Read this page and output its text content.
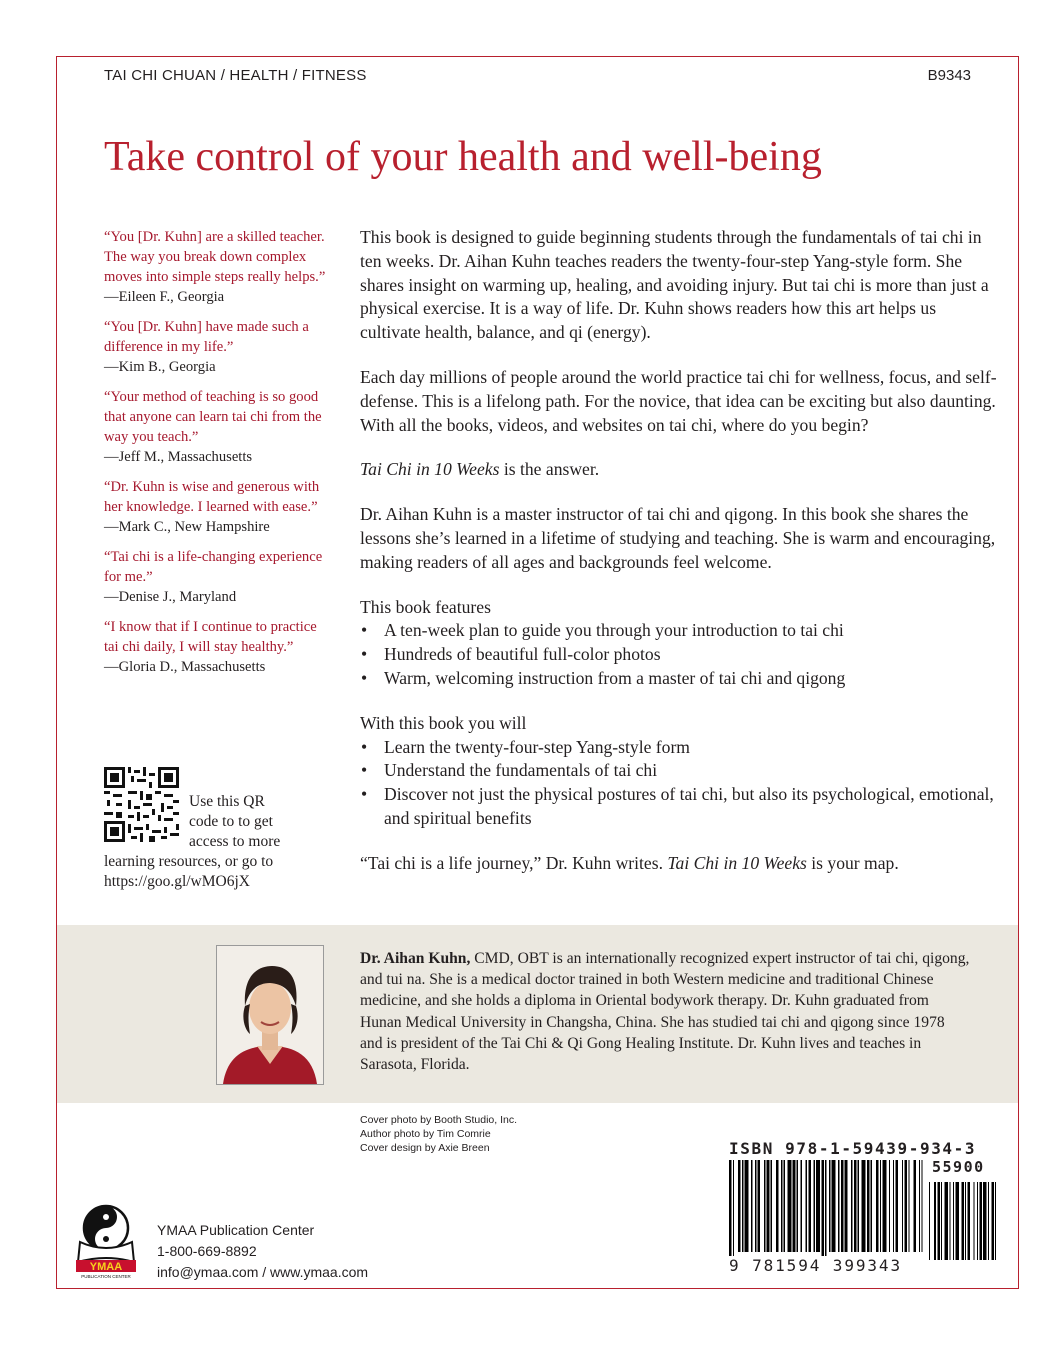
TAI CHI CHUAN / HEALTH / FITNESS	B9343
Take control of your health and well-being
“You [Dr. Kuhn] are a skilled teacher. The way you break down complex moves into simple steps really helps.” —Eileen F., Georgia
“You [Dr. Kuhn] have made such a difference in my life.”
—Kim B., Georgia
“Your method of teaching is so good that anyone can learn tai chi from the way you teach.”
—Jeff M., Massachusetts
“Dr. Kuhn is wise and generous with her knowledge. I learned with ease.”
—Mark C., New Hampshire
“Tai chi is a life-changing experience for me.”
—Denise J., Maryland
“I know that if I continue to practice tai chi daily, I will stay healthy.”
—Gloria D., Massachusetts
Use this QR
code to to get
access to more
learning resources, or go to
https://goo.gl/wMO6jX

This book is designed to guide beginning students through the fundamentals of tai chi in ten weeks. Dr. Aihan Kuhn teaches readers the twenty-four-step Yang-style form. She shares insight on warming up, healing, and avoiding injury. But tai chi is more than just a physical exercise. It is a way of life. Dr. Kuhn shows readers how this art helps us cultivate health, balance, and qi (energy).

Each day millions of people around the world practice tai chi for wellness, focus, and self-defense. This is a lifelong path. For the novice, that idea can be exciting but also daunting. With all the books, videos, and websites on tai chi, where do you begin?

Tai Chi in 10 Weeks is the answer.

Dr. Aihan Kuhn is a master instructor of tai chi and qigong. In this book she shares the lessons she’s learned in a lifetime of studying and teaching. She is warm and encouraging, making readers of all ages and backgrounds feel welcome.

This book features
• A ten-week plan to guide you through your introduction to tai chi
• Hundreds of beautiful full-color photos
• Warm, welcoming instruction from a master of tai chi and qigong
With this book you will
• Learn the twenty-four-step Yang-style form
• Understand the fundamentals of tai chi
• Discover not just the physical postures of tai chi, but also its psychological, emotional, and spiritual benefits

“Tai chi is a life journey,” Dr. Kuhn writes. Tai Chi in 10 Weeks is your map.

Dr. Aihan Kuhn, CMD, OBT is an internationally recognized expert instructor of tai chi, qigong, and tui na. She is a medical doctor trained in both Western medicine and traditional Chinese medicine, and she holds a diploma in Oriental bodywork therapy. Dr. Kuhn graduated from Hunan Medical University in Changsha, China. She has studied tai chi and qigong since 1978 and is president of the Tai Chi & Qi Gong Healing Institute. Dr. Kuhn lives and teaches in Sarasota, Florida.
Cover photo by Booth Studio, Inc.
Author photo by Tim Comrie
Cover design by Axie Breen	ISBN 978-1-59439-934-3
55900
9 781594 399343
YMAA
PUBLICATION CENTER
YMAA Publication Center
1-800-669-8892
info@ymaa.com / www.ymaa.com
